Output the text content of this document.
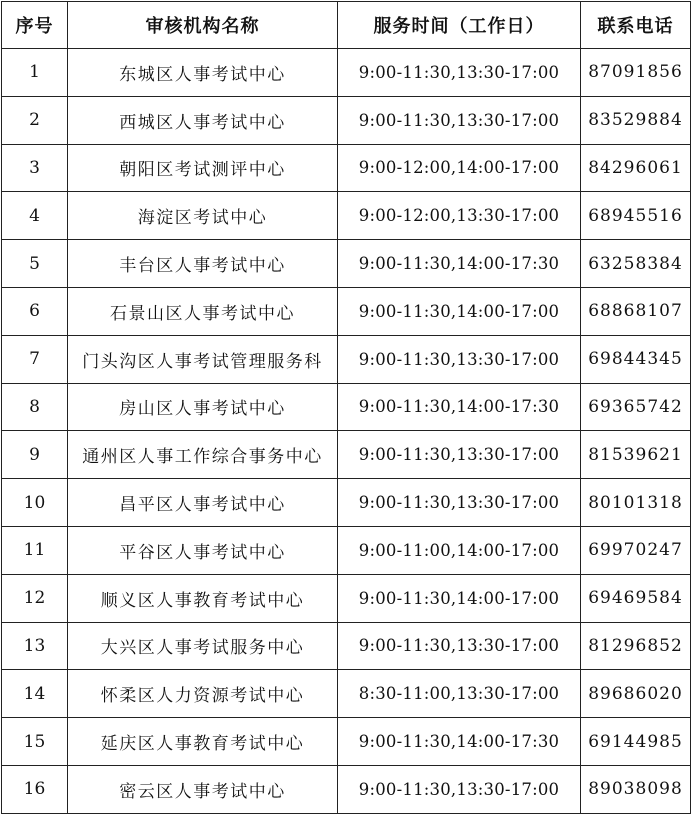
序号	审核机构名称	服务时间（工作日）	联系电话
1	东城区人事考试中心	9:00-11:30,13:30-17:00	87091856
2	西城区人事考试中心	9:00-11:30,13:30-17:00	83529884
3	朝阳区考试测评中心	9:00-12:00,14:00-17:00	84296061
4	海淀区考试中心	9:00-12:00,13:30-17:00	68945516
5	丰台区人事考试中心	9:00-11:30,14:00-17:30	63258384
6	石景山区人事考试中心	9:00-11:30,14:00-17:00	68868107
7	门头沟区人事考试管理服务科	9:00-11:30,13:30-17:00	69844345
8	房山区人事考试中心	9:00-11:30,14:00-17:30	69365742
9	通州区人事工作综合事务中心	9:00-11:30,13:30-17:00	81539621
10	昌平区人事考试中心	9:00-11:30,13:30-17:00	80101318
11	平谷区人事考试中心	9:00-11:00,14:00-17:00	69970247
12	顺义区人事教育考试中心	9:00-11:30,14:00-17:00	69469584
13	大兴区人事考试服务中心	9:00-11:30,13:30-17:00	81296852
14	怀柔区人力资源考试中心	8:30-11:00,13:30-17:00	89686020
15	延庆区人事教育考试中心	9:00-11:30,14:00-17:30	69144985
16	密云区人事考试中心	9:00-11:30,13:30-17:00	89038098
